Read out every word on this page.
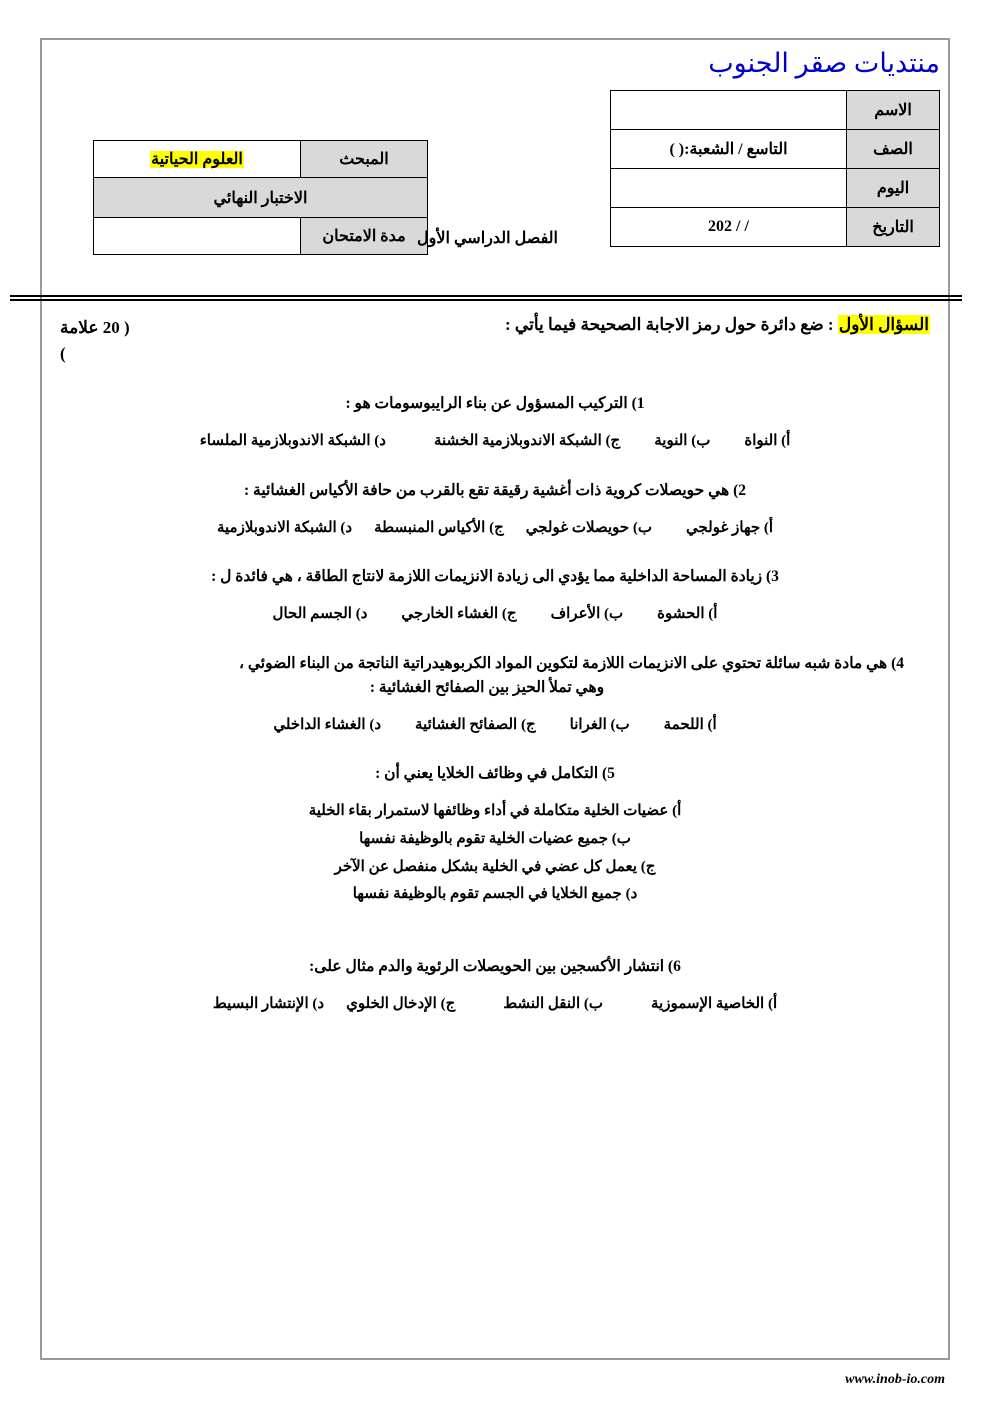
منتديات صقر الجنوب
الاسم	
الصف	التاسع / الشعبة:( )
اليوم	
التاريخ	/ / 202
المبحث	العلوم الحياتية
الاختبار النهائي	
مدة الامتحان	الفصل الدراسي الأول
السؤال الأول : ضع دائرة حول رمز الاجابة الصحيحة فيما يأتي :
( 20 علامة
)
1) التركيب المسؤول عن بناء الرايبوسومات هو :
أ) النواةب) النويةج) الشبكة الاندوبلازمية الخشنةد) الشبكة الاندوبلازمية الملساء
2) هي حويصلات كروية ذات أغشية رقيقة تقع بالقرب من حافة الأكياس الغشائية :
أ) جهاز غولجيب) حويصلات غولجيج) الأكياس المنبسطةد) الشبكة الاندوبلازمية
3) زيادة المساحة الداخلية مما يؤدي الى زيادة الانزيمات اللازمة لانتاج الطاقة ، هي فائدة ل :
أ) الحشوةب) الأعرافج) الغشاء الخارجيد) الجسم الحال
4) هي مادة شبه سائلة تحتوي على الانزيمات اللازمة لتكوين المواد الكربوهيدراتية الناتجة من البناء الضوئي ،
وهي تملأ الحيز بين الصفائح الغشائية :
أ) اللحمةب) الغراناج) الصفائح الغشائيةد) الغشاء الداخلي
5) التكامل في وظائف الخلايا يعني أن :
أ) عضيات الخلية متكاملة في أداء وظائفها لاستمرار بقاء الخلية
ب) جميع عضيات الخلية تقوم بالوظيفة نفسها
ج) يعمل كل عضي في الخلية بشكل منفصل عن الآخر
د) جميع الخلايا في الجسم تقوم بالوظيفة نفسها
6) انتشار الأكسجين بين الحويصلات الرئوية والدم مثال على:
أ) الخاصية الإسموزيةب) النقل النشطج) الإدخال الخلويد) الإنتشار البسيط
www.inob-io.com
